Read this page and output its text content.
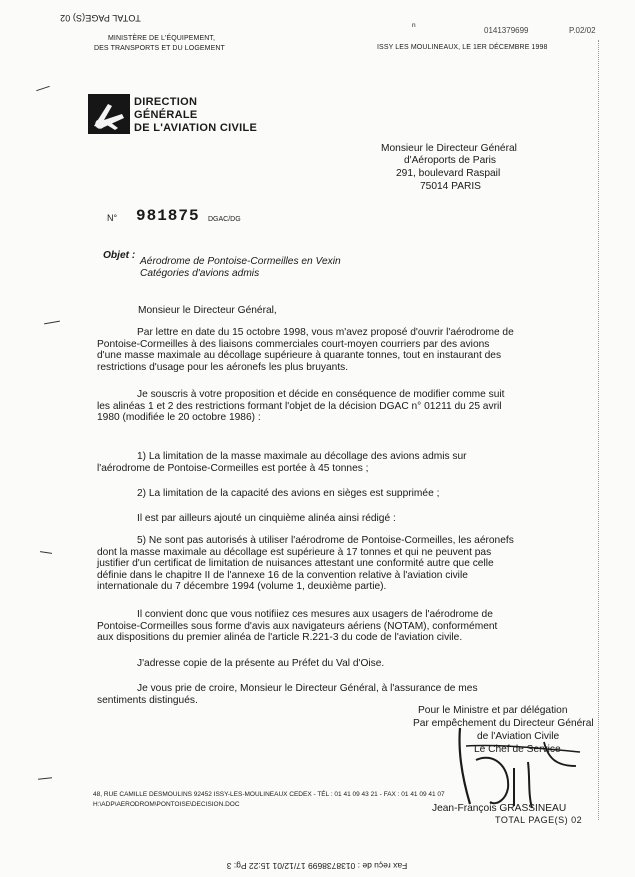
TOTAL PAGE(S) 02
n
0141379699	P.02/02
MINISTÈRE DE L'ÉQUIPEMENT,
DES TRANSPORTS ET DU LOGEMENT	ISSY LES MOULINEAUX, LE 1ER DÉCEMBRE 1998
DIRECTION
GÉNÉRALE
DE L'AVIATION CIVILE
Monsieur le Directeur Général
d'Aéroports de Paris
291, boulevard Raspail
75014 PARIS
N° 981875 DGAC/DG
Objet :
Aérodrome de Pontoise-Cormeilles en Vexin
Catégories d'avions admis
Monsieur le Directeur Général,
Par lettre en date du 15 octobre 1998, vous m'avez proposé d'ouvrir l'aérodrome de
Pontoise-Cormeilles à des liaisons commerciales court-moyen courriers par des avions
d'une masse maximale au décollage supérieure à quarante tonnes, tout en instaurant des
restrictions d'usage pour les aéronefs les plus bruyants.
Je souscris à votre proposition et décide en conséquence de modifier comme suit
les alinéas 1 et 2 des restrictions formant l'objet de la décision DGAC n° 01211 du 25 avril
1980 (modifiée le 20 octobre 1986) :
1) La limitation de la masse maximale au décollage des avions admis sur
l'aérodrome de Pontoise-Cormeilles est portée à 45 tonnes ;
2) La limitation de la capacité des avions en sièges est supprimée ;
Il est par ailleurs ajouté un cinquième alinéa ainsi rédigé :
5) Ne sont pas autorisés à utiliser l'aérodrome de Pontoise-Cormeilles, les aéronefs
dont la masse maximale au décollage est supérieure à 17 tonnes et qui ne peuvent pas
justifier d'un certificat de limitation de nuisances attestant une conformité autre que celle
définie dans le chapitre II de l'annexe 16 de la convention relative à l'aviation civile
internationale du 7 décembre 1994 (volume 1, deuxième partie).
Il convient donc que vous notifiiez ces mesures aux usagers de l'aérodrome de
Pontoise-Cormeilles sous forme d'avis aux navigateurs aériens (NOTAM), conformément
aux dispositions du premier alinéa de l'article R.221-3 du code de l'aviation civile.
J'adresse copie de la présente au Préfet du Val d'Oise.
Je vous prie de croire, Monsieur le Directeur Général, à l'assurance de mes
sentiments distingués.
Pour le Ministre et par délégation
Par empêchement du Directeur Général
de l'Aviation Civile
Le Chef de Service
48, RUE CAMILLE DESMOULINS 92452 ISSY-LES-MOULINEAUX CEDEX - TÉL : 01 41 09 43 21 - FAX : 01 41 09 41 07
H:\ADP\AERODROM\PONTOISE\DECISION.DOC	Jean-François GRASSINEAU
TOTAL PAGE(S) 02
Fax reçu de : 0138738699 17/12/01 15:22 Pg: 3
